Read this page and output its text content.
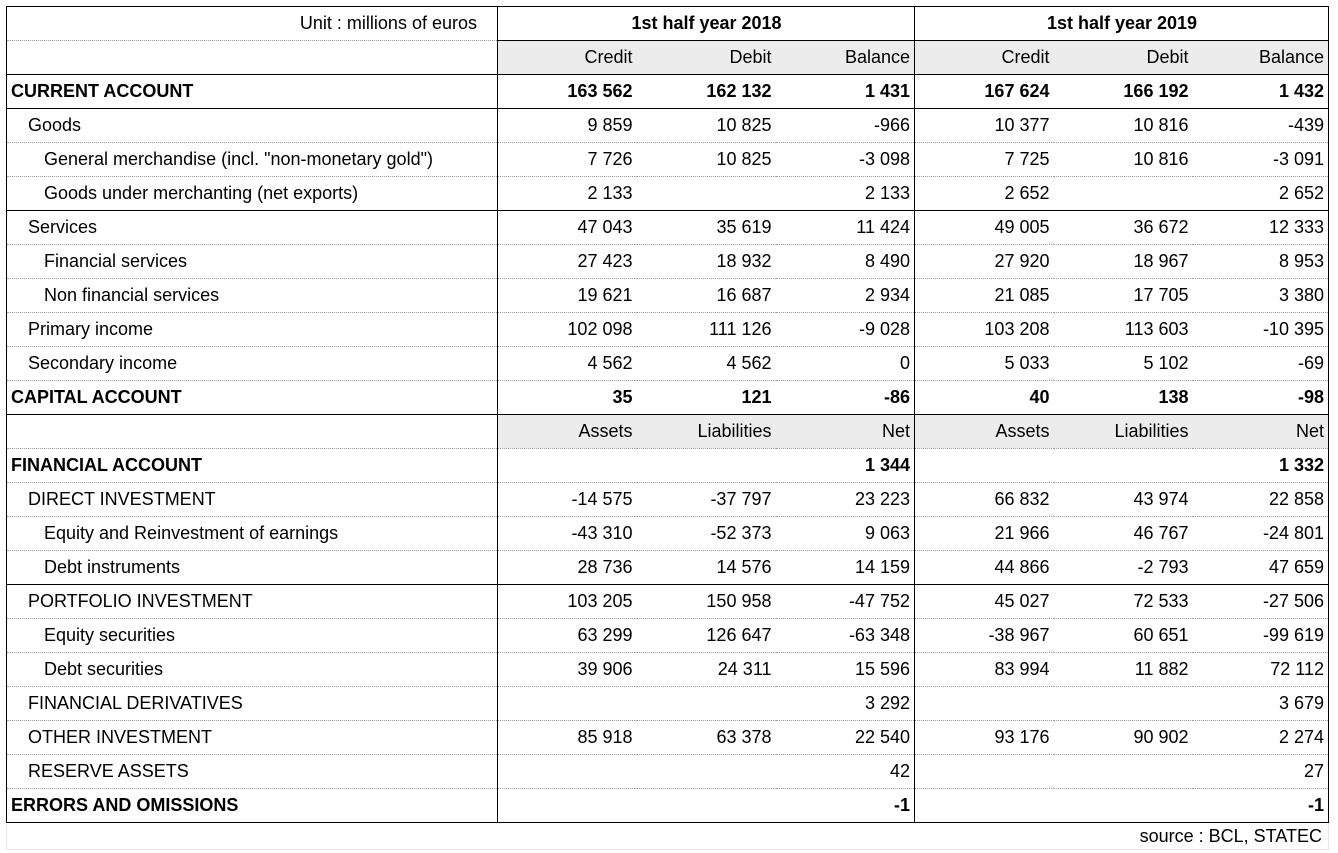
Unit : millions of euros	1st half year 2018			1st half year 2019		
	Credit	Debit	Balance	Credit	Debit	Balance
CURRENT ACCOUNT	163 562	162 132	1 431	167 624	166 192	1 432
Goods	9 859	10 825	-966	10 377	10 816	-439
General merchandise (incl. "non-monetary gold")	7 726	10 825	-3 098	7 725	10 816	-3 091
Goods under merchanting (net exports)	2 133		2 133	2 652		2 652
Services	47 043	35 619	11 424	49 005	36 672	12 333
Financial services	27 423	18 932	8 490	27 920	18 967	8 953
Non financial services	19 621	16 687	2 934	21 085	17 705	3 380
Primary income	102 098	111 126	-9 028	103 208	113 603	-10 395
Secondary income	4 562	4 562	0	5 033	5 102	-69
CAPITAL ACCOUNT	35	121	-86	40	138	-98
	Assets	Liabilities	Net	Assets	Liabilities	Net
FINANCIAL ACCOUNT			1 344			1 332
DIRECT INVESTMENT	-14 575	-37 797	23 223	66 832	43 974	22 858
Equity and Reinvestment of earnings	-43 310	-52 373	9 063	21 966	46 767	-24 801
Debt instruments	28 736	14 576	14 159	44 866	-2 793	47 659
PORTFOLIO INVESTMENT	103 205	150 958	-47 752	45 027	72 533	-27 506
Equity securities	63 299	126 647	-63 348	-38 967	60 651	-99 619
Debt securities	39 906	24 311	15 596	83 994	11 882	72 112
FINANCIAL DERIVATIVES			3 292			3 679
OTHER INVESTMENT	85 918	63 378	22 540	93 176	90 902	2 274
RESERVE ASSETS			42			27
ERRORS AND OMISSIONS			-1			-1
source : BCL, STATEC						
